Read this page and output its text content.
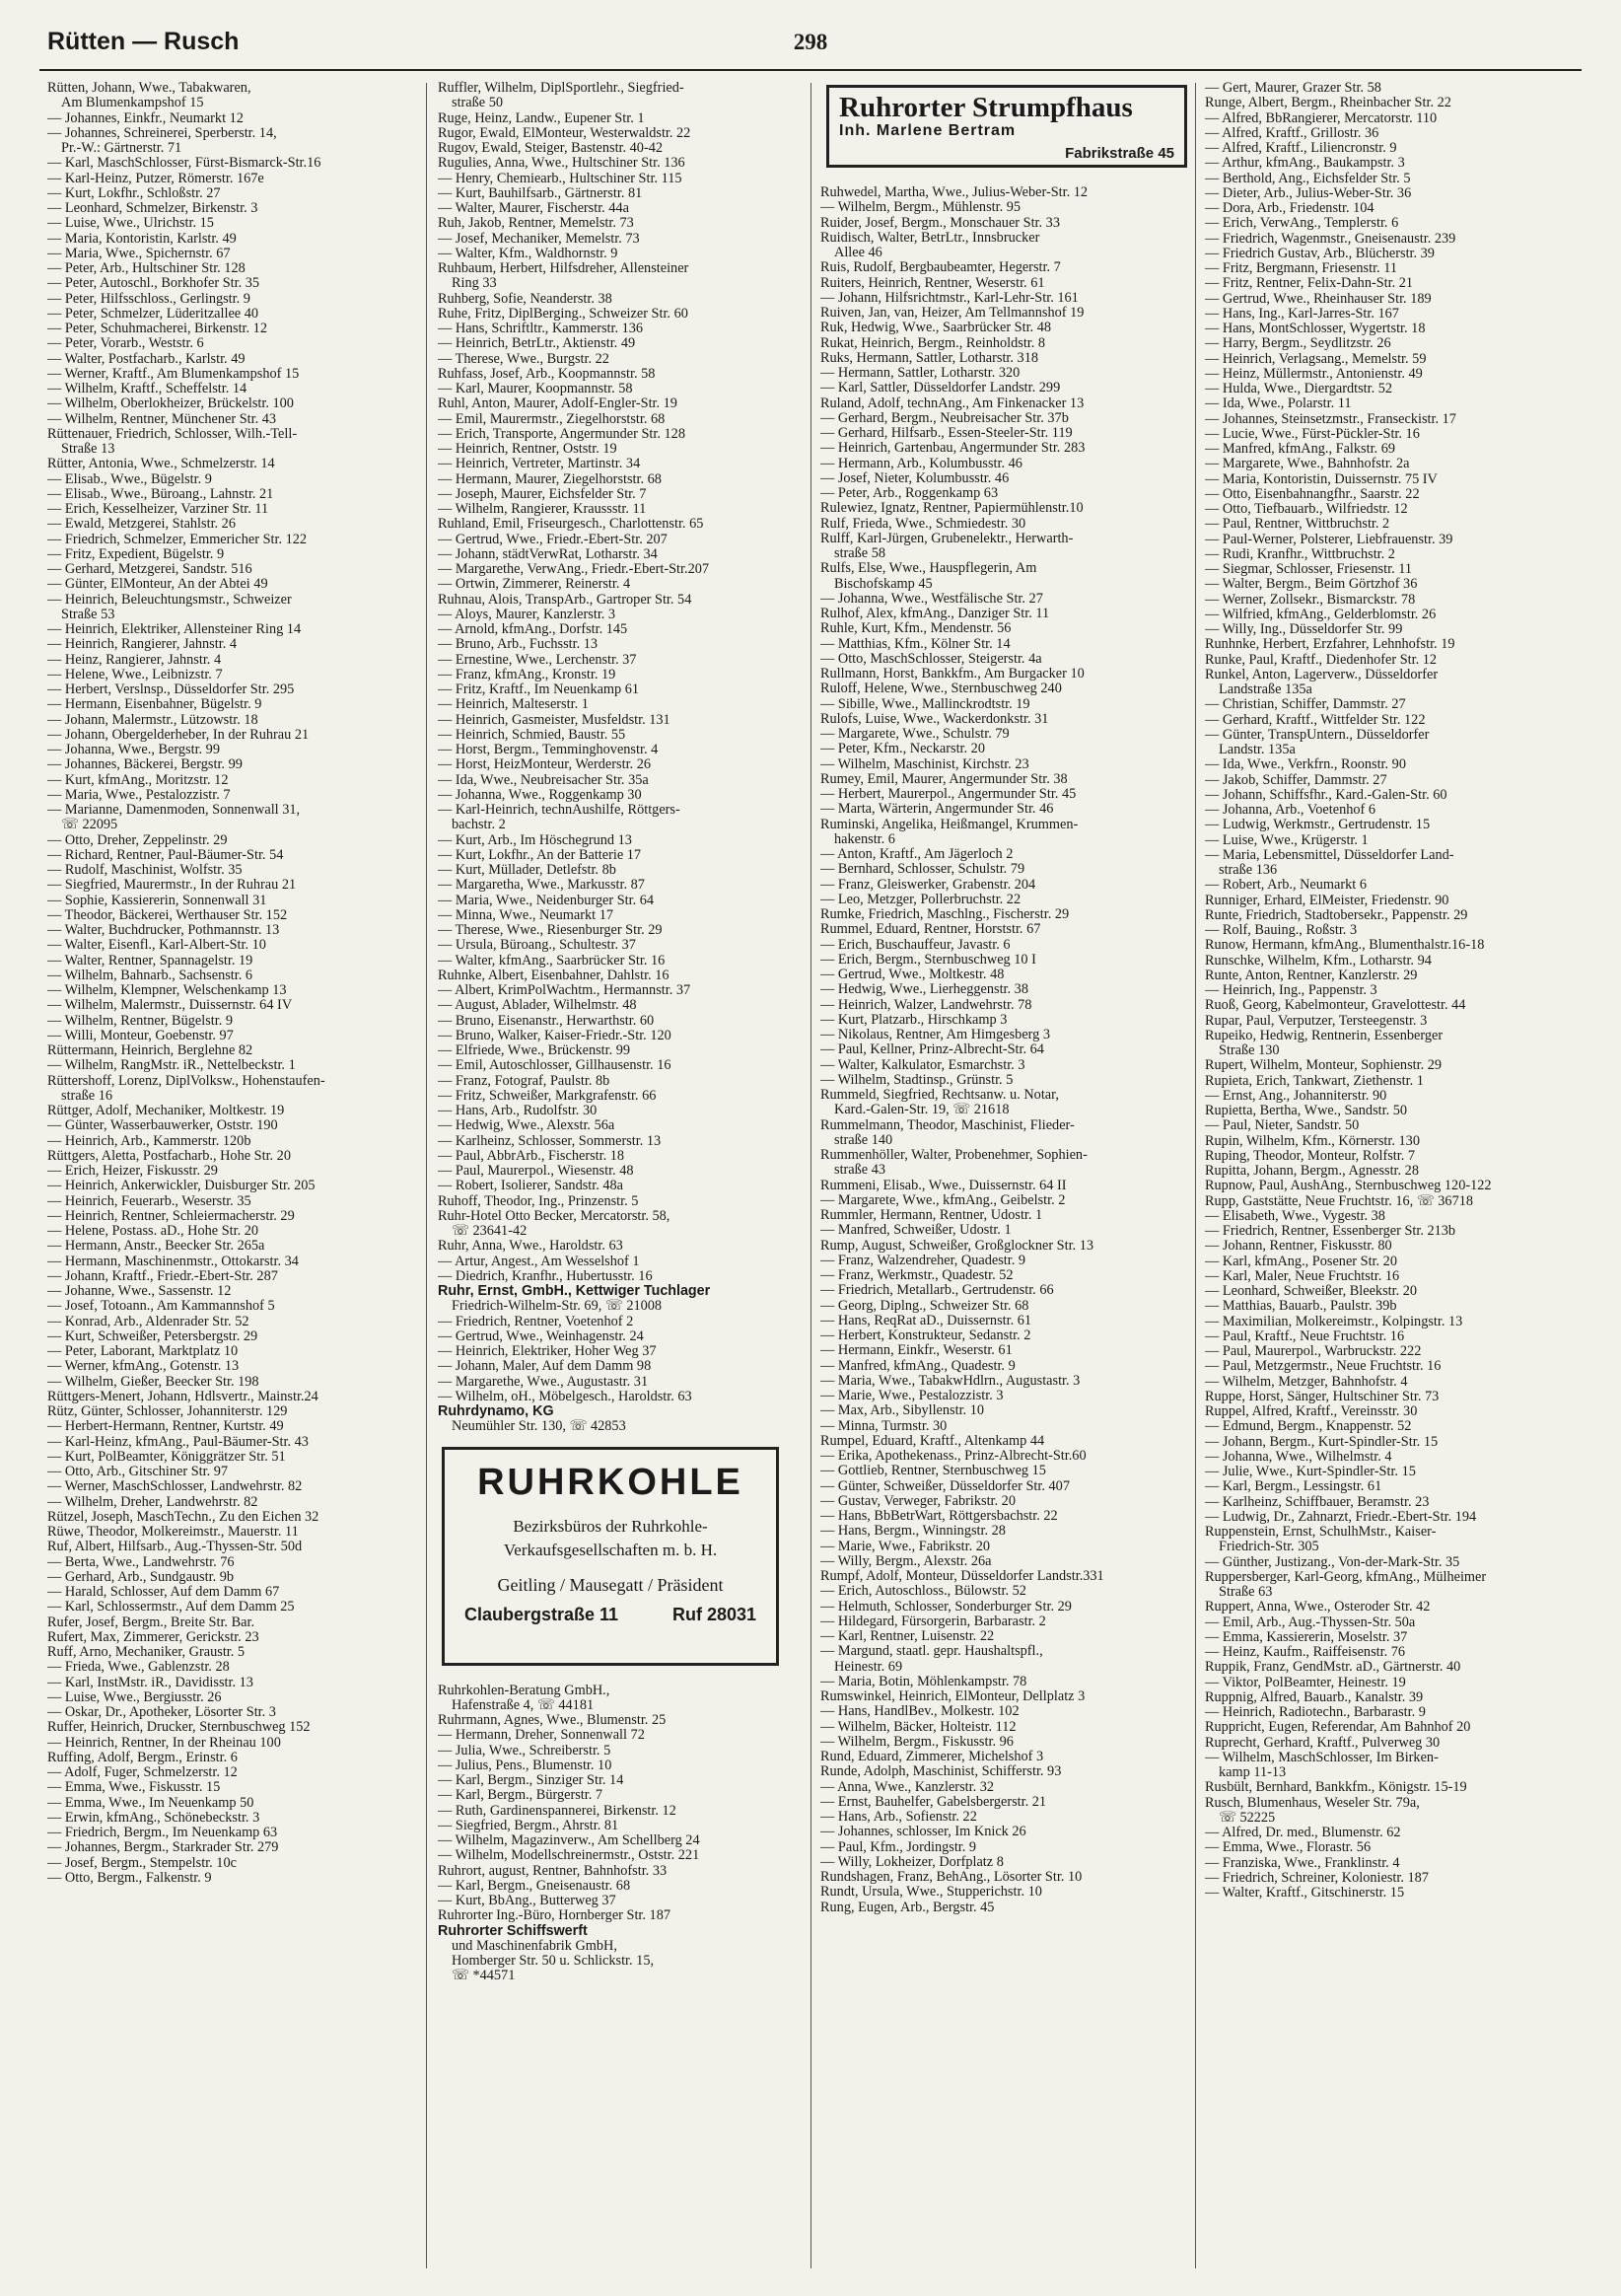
Rütten — Rusch	298
Rütten, Johann, Wwe., Tabakwaren,
Am Blumenkampshof 15
— Johannes, Einkfr., Neumarkt 12
— Johannes, Schreinerei, Sperberstr. 14,
Pr.-W.: Gärtnerstr. 71
— Karl, MaschSchlosser, Fürst-Bismarck-Str.16
— Karl-Heinz, Putzer, Römerstr. 167e
— Kurt, Lokfhr., Schloßstr. 27
— Leonhard, Schmelzer, Birkenstr. 3
— Luise, Wwe., Ulrichstr. 15
— Maria, Kontoristin, Karlstr. 49
— Maria, Wwe., Spichernstr. 67
— Peter, Arb., Hultschiner Str. 128
— Peter, Autoschl., Borkhofer Str. 35
— Peter, Hilfsschloss., Gerlingstr. 9
— Peter, Schmelzer, Lüderitzallee 40
— Peter, Schuhmacherei, Birkenstr. 12
— Peter, Vorarb., Weststr. 6
— Walter, Postfacharb., Karlstr. 49
— Werner, Kraftf., Am Blumenkampshof 15
— Wilhelm, Kraftf., Scheffelstr. 14
— Wilhelm, Oberlokheizer, Brückelstr. 100
— Wilhelm, Rentner, Münchener Str. 43
Rüttenauer, Friedrich, Schlosser, Wilh.-Tell-
Straße 13
Rütter, Antonia, Wwe., Schmelzerstr. 14
— Elisab., Wwe., Bügelstr. 9
— Elisab., Wwe., Büroang., Lahnstr. 21
— Erich, Kesselheizer, Varziner Str. 11
— Ewald, Metzgerei, Stahlstr. 26
— Friedrich, Schmelzer, Emmericher Str. 122
— Fritz, Expedient, Bügelstr. 9
— Gerhard, Metzgerei, Sandstr. 516
— Günter, ElMonteur, An der Abtei 49
— Heinrich, Beleuchtungsmstr., Schweizer
Straße 53
— Heinrich, Elektriker, Allensteiner Ring 14
— Heinrich, Rangierer, Jahnstr. 4
— Heinz, Rangierer, Jahnstr. 4
— Helene, Wwe., Leibnizstr. 7
— Herbert, Verslnsp., Düsseldorfer Str. 295
— Hermann, Eisenbahner, Bügelstr. 9
— Johann, Malermstr., Lützowstr. 18
— Johann, Obergelderheber, In der Ruhrau 21
— Johanna, Wwe., Bergstr. 99
— Johannes, Bäckerei, Bergstr. 99
— Kurt, kfmAng., Moritzstr. 12
— Maria, Wwe., Pestalozzistr. 7
— Marianne, Damenmoden, Sonnenwall 31,
☏ 22095
— Otto, Dreher, Zeppelinstr. 29
— Richard, Rentner, Paul-Bäumer-Str. 54
— Rudolf, Maschinist, Wolfstr. 35
— Siegfried, Maurermstr., In der Ruhrau 21
— Sophie, Kassiererin, Sonnenwall 31
— Theodor, Bäckerei, Werthauser Str. 152
— Walter, Buchdrucker, Pothmannstr. 13
— Walter, Eisenfl., Karl-Albert-Str. 10
— Walter, Rentner, Spannagelstr. 19
— Wilhelm, Bahnarb., Sachsenstr. 6
— Wilhelm, Klempner, Welschenkamp 13
— Wilhelm, Malermstr., Duissernstr. 64 IV
— Wilhelm, Rentner, Bügelstr. 9
— Willi, Monteur, Goebenstr. 97
Rüttermann, Heinrich, Berglehne 82
— Wilhelm, RangMstr. iR., Nettelbeckstr. 1
Rüttershoff, Lorenz, DiplVolksw., Hohenstaufen-
straße 16
Rüttger, Adolf, Mechaniker, Moltkestr. 19
— Günter, Wasserbauwerker, Oststr. 190
— Heinrich, Arb., Kammerstr. 120b
Rüttgers, Aletta, Postfacharb., Hohe Str. 20
— Erich, Heizer, Fiskusstr. 29
— Heinrich, Ankerwickler, Duisburger Str. 205
— Heinrich, Feuerarb., Weserstr. 35
— Heinrich, Rentner, Schleiermacherstr. 29
— Helene, Postass. aD., Hohe Str. 20
— Hermann, Anstr., Beecker Str. 265a
— Hermann, Maschinenmstr., Ottokarstr. 34
— Johann, Kraftf., Friedr.-Ebert-Str. 287
— Johanne, Wwe., Sassenstr. 12
— Josef, Totoann., Am Kammannshof 5
— Konrad, Arb., Aldenrader Str. 52
— Kurt, Schweißer, Petersbergstr. 29
— Peter, Laborant, Marktplatz 10
— Werner, kfmAng., Gotenstr. 13
— Wilhelm, Gießer, Beecker Str. 198
Rüttgers-Menert, Johann, Hdlsvertr., Mainstr.24
Rütz, Günter, Schlosser, Johanniterstr. 129
— Herbert-Hermann, Rentner, Kurtstr. 49
— Karl-Heinz, kfmAng., Paul-Bäumer-Str. 43
— Kurt, PolBeamter, Königgrätzer Str. 51
— Otto, Arb., Gitschiner Str. 97
— Werner, MaschSchlosser, Landwehrstr. 82
— Wilhelm, Dreher, Landwehrstr. 82
Rützel, Joseph, MaschTechn., Zu den Eichen 32
Rüwe, Theodor, Molkereimstr., Mauerstr. 11
Ruf, Albert, Hilfsarb., Aug.-Thyssen-Str. 50d
— Berta, Wwe., Landwehrstr. 76
— Gerhard, Arb., Sundgaustr. 9b
— Harald, Schlosser, Auf dem Damm 67
— Karl, Schlossermstr., Auf dem Damm 25
Rufer, Josef, Bergm., Breite Str. Bar.
Rufert, Max, Zimmerer, Gerickstr. 23
Ruff, Arno, Mechaniker, Graustr. 5
— Frieda, Wwe., Gablenzstr. 28
— Karl, InstMstr. iR., Davidisstr. 13
— Luise, Wwe., Bergiusstr. 26
— Oskar, Dr., Apotheker, Lösorter Str. 3
Ruffer, Heinrich, Drucker, Sternbuschweg 152
— Heinrich, Rentner, In der Rheinau 100
Ruffing, Adolf, Bergm., Erinstr. 6
— Adolf, Fuger, Schmelzerstr. 12
— Emma, Wwe., Fiskusstr. 15
— Emma, Wwe., Im Neuenkamp 50
— Erwin, kfmAng., Schönebeckstr. 3
— Friedrich, Bergm., Im Neuenkamp 63
— Johannes, Bergm., Starkrader Str. 279
— Josef, Bergm., Stempelstr. 10c
— Otto, Bergm., Falkenstr. 9
Ruffler, Wilhelm, DiplSportlehr., Siegfried-
straße 50
Ruge, Heinz, Landw., Eupener Str. 1
Rugor, Ewald, ElMonteur, Westerwaldstr. 22
Rugov, Ewald, Steiger, Bastenstr. 40-42
Rugulies, Anna, Wwe., Hultschiner Str. 136
— Henry, Chemiearb., Hultschiner Str. 115
— Kurt, Bauhilfsarb., Gärtnerstr. 81
— Walter, Maurer, Fischerstr. 44a
Ruh, Jakob, Rentner, Memelstr. 73
— Josef, Mechaniker, Memelstr. 73
— Walter, Kfm., Waldhornstr. 9
Ruhbaum, Herbert, Hilfsdreher, Allensteiner
Ring 33
Ruhberg, Sofie, Neanderstr. 38
Ruhe, Fritz, DiplBerging., Schweizer Str. 60
— Hans, Schriftltr., Kammerstr. 136
— Heinrich, BetrLtr., Aktienstr. 49
— Therese, Wwe., Burgstr. 22
Ruhfass, Josef, Arb., Koopmannstr. 58
— Karl, Maurer, Koopmannstr. 58
Ruhl, Anton, Maurer, Adolf-Engler-Str. 19
— Emil, Maurermstr., Ziegelhorststr. 68
— Erich, Transporte, Angermunder Str. 128
— Heinrich, Rentner, Oststr. 19
— Heinrich, Vertreter, Martinstr. 34
— Hermann, Maurer, Ziegelhorststr. 68
— Joseph, Maurer, Eichsfelder Str. 7
— Wilhelm, Rangierer, Kraussstr. 11
Ruhland, Emil, Friseurgesch., Charlottenstr. 65
— Gertrud, Wwe., Friedr.-Ebert-Str. 207
— Johann, städtVerwRat, Lotharstr. 34
— Margarethe, VerwAng., Friedr.-Ebert-Str.207
— Ortwin, Zimmerer, Reinerstr. 4
Ruhnau, Alois, TranspArb., Gartroper Str. 54
— Aloys, Maurer, Kanzlerstr. 3
— Arnold, kfmAng., Dorfstr. 145
— Bruno, Arb., Fuchsstr. 13
— Ernestine, Wwe., Lerchenstr. 37
— Franz, kfmAng., Kronstr. 19
— Fritz, Kraftf., Im Neuenkamp 61
— Heinrich, Malteserstr. 1
— Heinrich, Gasmeister, Musfeldstr. 131
— Heinrich, Schmied, Baustr. 55
— Horst, Bergm., Temminghovenstr. 4
— Horst, HeizMonteur, Werderstr. 26
— Ida, Wwe., Neubreisacher Str. 35a
— Johanna, Wwe., Roggenkamp 30
— Karl-Heinrich, technAushilfe, Röttgers-
bachstr. 2
— Kurt, Arb., Im Höschegrund 13
— Kurt, Lokfhr., An der Batterie 17
— Kurt, Müllader, Detlefstr. 8b
— Margaretha, Wwe., Markusstr. 87
— Maria, Wwe., Neidenburger Str. 64
— Minna, Wwe., Neumarkt 17
— Therese, Wwe., Riesenburger Str. 29
— Ursula, Büroang., Schultestr. 37
— Walter, kfmAng., Saarbrücker Str. 16
Ruhnke, Albert, Eisenbahner, Dahlstr. 16
— Albert, KrimPolWachtm., Hermannstr. 37
— August, Ablader, Wilhelmstr. 48
— Bruno, Eisenanstr., Herwarthstr. 60
— Bruno, Walker, Kaiser-Friedr.-Str. 120
— Elfriede, Wwe., Brückenstr. 99
— Emil, Autoschlosser, Gillhausenstr. 16
— Franz, Fotograf, Paulstr. 8b
— Fritz, Schweißer, Markgrafenstr. 66
— Hans, Arb., Rudolfstr. 30
— Hedwig, Wwe., Alexstr. 56a
— Karlheinz, Schlosser, Sommerstr. 13
— Paul, AbbrArb., Fischerstr. 18
— Paul, Maurerpol., Wiesenstr. 48
— Robert, Isolierer, Sandstr. 48a
Ruhoff, Theodor, Ing., Prinzenstr. 5
Ruhr-Hotel Otto Becker, Mercatorstr. 58,
☏ 23641-42
Ruhr, Anna, Wwe., Haroldstr. 63
— Artur, Angest., Am Wesselshof 1
— Diedrich, Kranfhr., Hubertusstr. 16
Ruhr, Ernst, GmbH., Kettwiger Tuchlager
Friedrich-Wilhelm-Str. 69, ☏ 21008
— Friedrich, Rentner, Voetenhof 2
— Gertrud, Wwe., Weinhagenstr. 24
— Heinrich, Elektriker, Hoher Weg 37
— Johann, Maler, Auf dem Damm 98
— Margarethe, Wwe., Augustastr. 31
— Wilhelm, oH., Möbelgesch., Haroldstr. 63
Ruhrdynamo, KG
Neumühler Str. 130, ☏ 42853
RUHRKOHLE
Bezirksbüros der Ruhrkohle-
Verkaufsgesellschaften m. b. H.
Geitling / Mausegatt / Präsident
Claubergstraße 11	Ruf 28031
Ruhrkohlen-Beratung GmbH.,
Hafenstraße 4, ☏ 44181
Ruhrmann, Agnes, Wwe., Blumenstr. 25
— Hermann, Dreher, Sonnenwall 72
— Julia, Wwe., Schreiberstr. 5
— Julius, Pens., Blumenstr. 10
— Karl, Bergm., Sinziger Str. 14
— Karl, Bergm., Bürgerstr. 7
— Ruth, Gardinenspannerei, Birkenstr. 12
— Siegfried, Bergm., Ahrstr. 81
— Wilhelm, Magazinverw., Am Schellberg 24
— Wilhelm, Modellschreinermstr., Oststr. 221
Ruhrort, august, Rentner, Bahnhofstr. 33
— Karl, Bergm., Gneisenaustr. 68
— Kurt, BbAng., Butterweg 37
Ruhrorter Ing.-Büro, Hornberger Str. 187
Ruhrorter Schiffswerft
und Maschinenfabrik GmbH,
Homberger Str. 50 u. Schlickstr. 15,
☏ *44571
Ruhrorter Strumpfhaus
Inh. Marlene Bertram
Fabrikstraße 45
Ruhwedel, Martha, Wwe., Julius-Weber-Str. 12
— Wilhelm, Bergm., Mühlenstr. 95
Ruider, Josef, Bergm., Monschauer Str. 33
Ruidisch, Walter, BetrLtr., Innsbrucker
Allee 46
Ruis, Rudolf, Bergbaubeamter, Hegerstr. 7
Ruiters, Heinrich, Rentner, Weserstr. 61
— Johann, Hilfsrichtmstr., Karl-Lehr-Str. 161
Ruiven, Jan, van, Heizer, Am Tellmannshof 19
Ruk, Hedwig, Wwe., Saarbrücker Str. 48
Rukat, Heinrich, Bergm., Reinholdstr. 8
Ruks, Hermann, Sattler, Lotharstr. 318
— Hermann, Sattler, Lotharstr. 320
— Karl, Sattler, Düsseldorfer Landstr. 299
Ruland, Adolf, technAng., Am Finkenacker 13
— Gerhard, Bergm., Neubreisacher Str. 37b
— Gerhard, Hilfsarb., Essen-Steeler-Str. 119
— Heinrich, Gartenbau, Angermunder Str. 283
— Hermann, Arb., Kolumbusstr. 46
— Josef, Nieter, Kolumbusstr. 46
— Peter, Arb., Roggenkamp 63
Rulewiez, Ignatz, Rentner, Papiermühlenstr.10
Rulf, Frieda, Wwe., Schmiedestr. 30
Rulff, Karl-Jürgen, Grubenelektr., Herwarth-
straße 58
Rulfs, Else, Wwe., Hauspflegerin, Am
Bischofskamp 45
— Johanna, Wwe., Westfälische Str. 27
Rulhof, Alex, kfmAng., Danziger Str. 11
Ruhle, Kurt, Kfm., Mendenstr. 56
— Matthias, Kfm., Kölner Str. 14
— Otto, MaschSchlosser, Steigerstr. 4a
Rullmann, Horst, Bankkfm., Am Burgacker 10
Ruloff, Helene, Wwe., Sternbuschweg 240
— Sibille, Wwe., Mallinckrodtstr. 19
Rulofs, Luise, Wwe., Wackerdonkstr. 31
— Margarete, Wwe., Schulstr. 79
— Peter, Kfm., Neckarstr. 20
— Wilhelm, Maschinist, Kirchstr. 23
Rumey, Emil, Maurer, Angermunder Str. 38
— Herbert, Maurerpol., Angermunder Str. 45
— Marta, Wärterin, Angermunder Str. 46
Ruminski, Angelika, Heißmangel, Krummen-
hakenstr. 6
— Anton, Kraftf., Am Jägerloch 2
— Bernhard, Schlosser, Schulstr. 79
— Franz, Gleiswerker, Grabenstr. 204
— Leo, Metzger, Pollerbruchstr. 22
Rumke, Friedrich, Maschlng., Fischerstr. 29
Rummel, Eduard, Rentner, Horststr. 67
— Erich, Buschauffeur, Javastr. 6
— Erich, Bergm., Sternbuschweg 10 I
— Gertrud, Wwe., Moltkestr. 48
— Hedwig, Wwe., Lierheggenstr. 38
— Heinrich, Walzer, Landwehrstr. 78
— Kurt, Platzarb., Hirschkamp 3
— Nikolaus, Rentner, Am Himgesberg 3
— Paul, Kellner, Prinz-Albrecht-Str. 64
— Walter, Kalkulator, Esmarchstr. 3
— Wilhelm, Stadtinsp., Grünstr. 5
Rummeld, Siegfried, Rechtsanw. u. Notar,
Kard.-Galen-Str. 19, ☏ 21618
Rummelmann, Theodor, Maschinist, Flieder-
straße 140
Rummenhöller, Walter, Probenehmer, Sophien-
straße 43
Rummeni, Elisab., Wwe., Duissernstr. 64 II
— Margarete, Wwe., kfmAng., Geibelstr. 2
Rummler, Hermann, Rentner, Udostr. 1
— Manfred, Schweißer, Udostr. 1
Rump, August, Schweißer, Großglockner Str. 13
— Franz, Walzendreher, Quadestr. 9
— Franz, Werkmstr., Quadestr. 52
— Friedrich, Metallarb., Gertrudenstr. 66
— Georg, Diplng., Schweizer Str. 68
— Hans, ReqRat aD., Duissernstr. 61
— Herbert, Konstrukteur, Sedanstr. 2
— Hermann, Einkfr., Weserstr. 61
— Manfred, kfmAng., Quadestr. 9
— Maria, Wwe., TabakwHdlrn., Augustastr. 3
— Marie, Wwe., Pestalozzistr. 3
— Max, Arb., Sibyllenstr. 10
— Minna, Turmstr. 30
Rumpel, Eduard, Kraftf., Altenkamp 44
— Erika, Apothekenass., Prinz-Albrecht-Str.60
— Gottlieb, Rentner, Sternbuschweg 15
— Günter, Schweißer, Düsseldorfer Str. 407
— Gustav, Verweger, Fabrikstr. 20
— Hans, BbBetrWart, Röttgersbachstr. 22
— Hans, Bergm., Winningstr. 28
— Marie, Wwe., Fabrikstr. 20
— Willy, Bergm., Alexstr. 26a
Rumpf, Adolf, Monteur, Düsseldorfer Landstr.331
— Erich, Autoschloss., Bülowstr. 52
— Helmuth, Schlosser, Sonderburger Str. 29
— Hildegard, Fürsorgerin, Barbarastr. 2
— Karl, Rentner, Luisenstr. 22
— Margund, staatl. gepr. Haushaltspfl.,
Heinestr. 69
— Maria, Botin, Möhlenkampstr. 78
Rumswinkel, Heinrich, ElMonteur, Dellplatz 3
— Hans, HandlBev., Molkestr. 102
— Wilhelm, Bäcker, Holteistr. 112
— Wilhelm, Bergm., Fiskusstr. 96
Rund, Eduard, Zimmerer, Michelshof 3
Runde, Adolph, Maschinist, Schifferstr. 93
— Anna, Wwe., Kanzlerstr. 32
— Ernst, Bauhelfer, Gabelsbergerstr. 21
— Hans, Arb., Sofienstr. 22
— Johannes, schlosser, Im Knick 26
— Paul, Kfm., Jordingstr. 9
— Willy, Lokheizer, Dorfplatz 8
Rundshagen, Franz, BehAng., Lösorter Str. 10
Rundt, Ursula, Wwe., Stupperichstr. 10
Rung, Eugen, Arb., Bergstr. 45
— Gert, Maurer, Grazer Str. 58
Runge, Albert, Bergm., Rheinbacher Str. 22
— Alfred, BbRangierer, Mercatorstr. 110
— Alfred, Kraftf., Grillostr. 36
— Alfred, Kraftf., Liliencronstr. 9
— Arthur, kfmAng., Baukampstr. 3
— Berthold, Ang., Eichsfelder Str. 5
— Dieter, Arb., Julius-Weber-Str. 36
— Dora, Arb., Friedenstr. 104
— Erich, VerwAng., Templerstr. 6
— Friedrich, Wagenmstr., Gneisenaustr. 239
— Friedrich Gustav, Arb., Blücherstr. 39
— Fritz, Bergmann, Friesenstr. 11
— Fritz, Rentner, Felix-Dahn-Str. 21
— Gertrud, Wwe., Rheinhauser Str. 189
— Hans, Ing., Karl-Jarres-Str. 167
— Hans, MontSchlosser, Wygertstr. 18
— Harry, Bergm., Seydlitzstr. 26
— Heinrich, Verlagsang., Memelstr. 59
— Heinz, Müllermstr., Antonienstr. 49
— Hulda, Wwe., Diergardtstr. 52
— Ida, Wwe., Polarstr. 11
— Johannes, Steinsetzmstr., Franseckistr. 17
— Lucie, Wwe., Fürst-Pückler-Str. 16
— Manfred, kfmAng., Falkstr. 69
— Margarete, Wwe., Bahnhofstr. 2a
— Maria, Kontoristin, Duissernstr. 75 IV
— Otto, Eisenbahnangfhr., Saarstr. 22
— Otto, Tiefbauarb., Wilfriedstr. 12
— Paul, Rentner, Wittbruchstr. 2
— Paul-Werner, Polsterer, Liebfrauenstr. 39
— Rudi, Kranfhr., Wittbruchstr. 2
— Siegmar, Schlosser, Friesenstr. 11
— Walter, Bergm., Beim Görtzhof 36
— Werner, Zollsekr., Bismarckstr. 78
— Wilfried, kfmAng., Gelderblomstr. 26
— Willy, Ing., Düsseldorfer Str. 99
Runhnke, Herbert, Erzfahrer, Lehnhofstr. 19
Runke, Paul, Kraftf., Diedenhofer Str. 12
Runkel, Anton, Lagerverw., Düsseldorfer
Landstraße 135a
— Christian, Schiffer, Dammstr. 27
— Gerhard, Kraftf., Wittfelder Str. 122
— Günter, TranspUntern., Düsseldorfer
Landstr. 135a
— Ida, Wwe., Verkfrn., Roonstr. 90
— Jakob, Schiffer, Dammstr. 27
— Johann, Schiffsfhr., Kard.-Galen-Str. 60
— Johanna, Arb., Voetenhof 6
— Ludwig, Werkmstr., Gertrudenstr. 15
— Luise, Wwe., Krügerstr. 1
— Maria, Lebensmittel, Düsseldorfer Land-
straße 136
— Robert, Arb., Neumarkt 6
Runniger, Erhard, ElMeister, Friedenstr. 90
Runte, Friedrich, Stadtobersekr., Pappenstr. 29
— Rolf, Bauing., Roßstr. 3
Runow, Hermann, kfmAng., Blumenthalstr.16-18
Runschke, Wilhelm, Kfm., Lotharstr. 94
Runte, Anton, Rentner, Kanzlerstr. 29
— Heinrich, Ing., Pappenstr. 3
Ruoß, Georg, Kabelmonteur, Gravelottestr. 44
Rupar, Paul, Verputzer, Tersteegenstr. 3
Rupeiko, Hedwig, Rentnerin, Essenberger
Straße 130
Rupert, Wilhelm, Monteur, Sophienstr. 29
Rupieta, Erich, Tankwart, Ziethenstr. 1
— Ernst, Ang., Johanniterstr. 90
Rupietta, Bertha, Wwe., Sandstr. 50
— Paul, Nieter, Sandstr. 50
Rupin, Wilhelm, Kfm., Körnerstr. 130
Ruping, Theodor, Monteur, Rolfstr. 7
Rupitta, Johann, Bergm., Agnesstr. 28
Rupnow, Paul, AushAng., Sternbuschweg 120-122
Rupp, Gaststätte, Neue Fruchtstr. 16, ☏ 36718
— Elisabeth, Wwe., Vygestr. 38
— Friedrich, Rentner, Essenberger Str. 213b
— Johann, Rentner, Fiskusstr. 80
— Karl, kfmAng., Posener Str. 20
— Karl, Maler, Neue Fruchtstr. 16
— Leonhard, Schweißer, Bleekstr. 20
— Matthias, Bauarb., Paulstr. 39b
— Maximilian, Molkereimstr., Kolpingstr. 13
— Paul, Kraftf., Neue Fruchtstr. 16
— Paul, Maurerpol., Warbruckstr. 222
— Paul, Metzgermstr., Neue Fruchtstr. 16
— Wilhelm, Metzger, Bahnhofstr. 4
Ruppe, Horst, Sänger, Hultschiner Str. 73
Ruppel, Alfred, Kraftf., Vereinsstr. 30
— Edmund, Bergm., Knappenstr. 52
— Johann, Bergm., Kurt-Spindler-Str. 15
— Johanna, Wwe., Wilhelmstr. 4
— Julie, Wwe., Kurt-Spindler-Str. 15
— Karl, Bergm., Lessingstr. 61
— Karlheinz, Schiffbauer, Beramstr. 23
— Ludwig, Dr., Zahnarzt, Friedr.-Ebert-Str. 194
Ruppenstein, Ernst, SchulhMstr., Kaiser-
Friedrich-Str. 305
— Günther, Justizang., Von-der-Mark-Str. 35
Ruppersberger, Karl-Georg, kfmAng., Mülheimer
Straße 63
Ruppert, Anna, Wwe., Osteroder Str. 42
— Emil, Arb., Aug.-Thyssen-Str. 50a
— Emma, Kassiererin, Moselstr. 37
— Heinz, Kaufm., Raiffeisenstr. 76
Ruppik, Franz, GendMstr. aD., Gärtnerstr. 40
— Viktor, PolBeamter, Heinestr. 19
Ruppnig, Alfred, Bauarb., Kanalstr. 39
— Heinrich, Radiotechn., Barbarastr. 9
Ruppricht, Eugen, Referendar, Am Bahnhof 20
Ruprecht, Gerhard, Kraftf., Pulverweg 30
— Wilhelm, MaschSchlosser, Im Birken-
kamp 11-13
Rusbült, Bernhard, Bankkfm., Königstr. 15-19
Rusch, Blumenhaus, Weseler Str. 79a,
☏ 52225
— Alfred, Dr. med., Blumenstr. 62
— Emma, Wwe., Florastr. 56
— Franziska, Wwe., Franklinstr. 4
— Friedrich, Schreiner, Koloniestr. 187
— Walter, Kraftf., Gitschinerstr. 15
